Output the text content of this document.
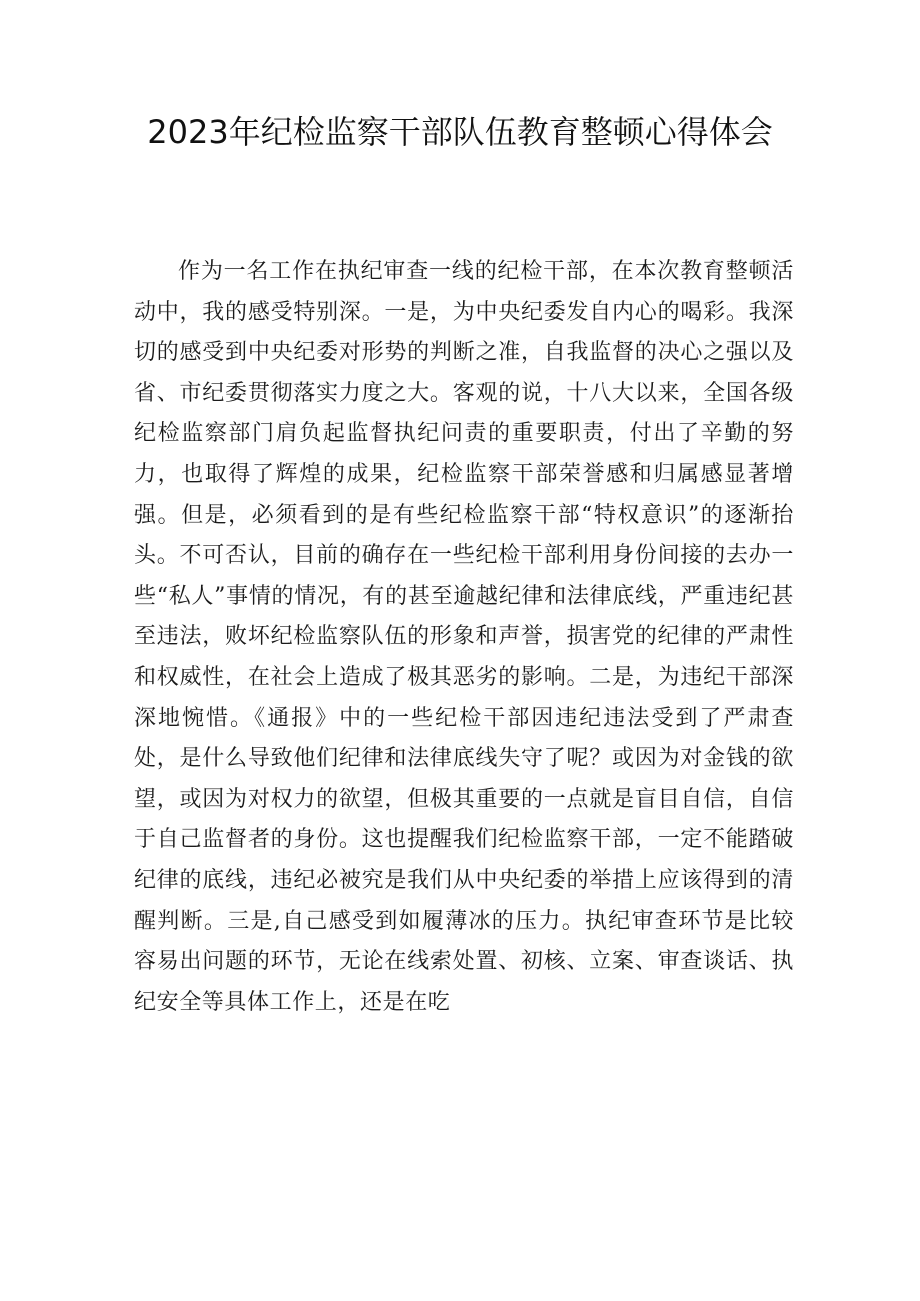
2023年纪检监察干部队伍教育整顿心得体会

作为一名工作在执纪审查一线的纪检干部，在本次教育整顿活动中，我的感受特别深。一是，为中央纪委发自内心的喝彩。我深切的感受到中央纪委对形势的判断之准，自我监督的决心之强以及省、市纪委贯彻落实力度之大。客观的说，十八大以来，全国各级纪检监察部门肩负起监督执纪问责的重要职责，付出了辛勤的努力，也取得了辉煌的成果，纪检监察干部荣誉感和归属感显著增强。但是，必须看到的是有些纪检监察干部“特权意识”的逐渐抬头。不可否认，目前的确存在一些纪检干部利用身份间接的去办一些“私人”事情的情况，有的甚至逾越纪律和法律底线，严重违纪甚至违法，败坏纪检监察队伍的形象和声誉，损害党的纪律的严肃性和权威性，在社会上造成了极其恶劣的影响。二是，为违纪干部深深地惋惜。《通报》中的一些纪检干部因违纪违法受到了严肃查处，是什么导致他们纪律和法律底线失守了呢？或因为对金钱的欲望，或因为对权力的欲望，但极其重要的一点就是盲目自信，自信于自己监督者的身份。这也提醒我们纪检监察干部，一定不能踏破纪律的底线，违纪必被究是我们从中央纪委的举措上应该得到的清醒判断。三是,自己感受到如履薄冰的压力。执纪审查环节是比较容易出问题的环节，无论在线索处置、初核、立案、审查谈话、执纪安全等具体工作上，还是在吃
